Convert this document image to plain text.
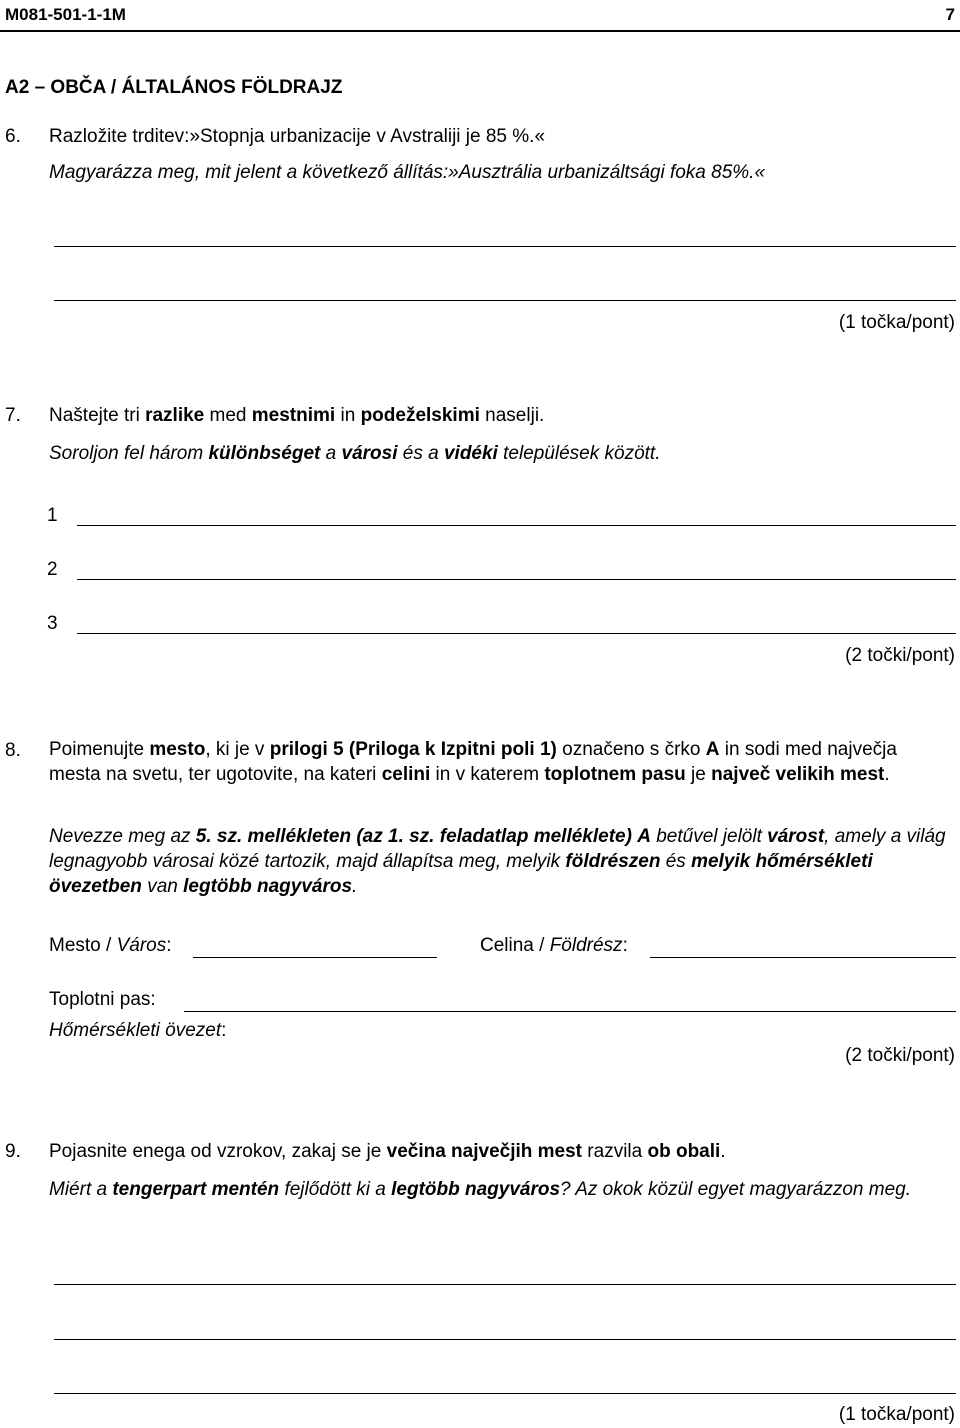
M081-501-1-1M	7
A2 – OBČA / ÁLTALÁNOS FÖLDRAJZ
6. Razložite trditev:»Stopnja urbanizacije v Avstraliji je 85 %.«
Magyarázza meg, mit jelent a következő állítás:»Ausztrália urbanizáltsági foka 85%.«
(1 točka/pont)
7. Naštejte tri razlike med mestnimi in podeželskimi naselji.
Soroljon fel három különbséget a városi és a vidéki települések között.
1
2
3
(2 točki/pont)
8. Poimenujte mesto, ki je v prilogi 5 (Priloga k Izpitni poli 1) označeno s črko A in sodi med največja mesta na svetu, ter ugotovite, na kateri celini in v katerem toplotnem pasu je največ velikih mest.
Nevezze meg az 5. sz. mellékleten (az 1. sz. feladatlap melléklete) A betűvel jelölt várost, amely a világ legnagyobb városai közé tartozik, majd állapítsa meg, melyik földrészen és melyik hőmérsékleti övezetben van legtöbb nagyváros.
Mesto / Város:	Celina / Földrész:
Toplotni pas:
Hőmérsékleti övezet:
(2 točki/pont)
9. Pojasnite enega od vzrokov, zakaj se je večina največjih mest razvila ob obali.
Miért a tengerpart mentén fejlődött ki a legtöbb nagyváros? Az okok közül egyet magyarázzon meg.
(1 točka/pont)
